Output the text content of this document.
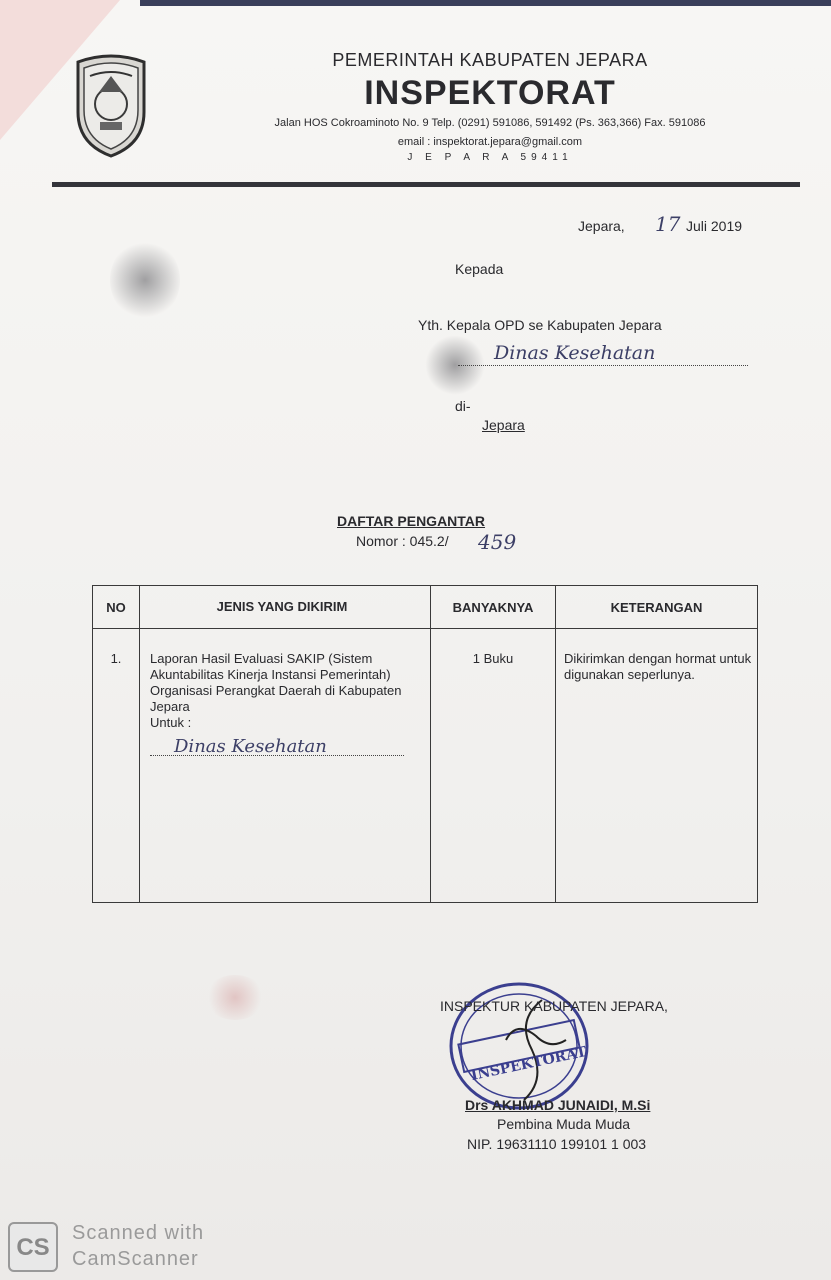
PEMERINTAH KABUPATEN JEPARA
INSPEKTORAT
Jalan HOS Cokroaminoto No. 9 Telp. (0291) 591086, 591492 (Ps. 363,366) Fax. 591086
email : inspektorat.jepara@gmail.com
J E P A R A 59411
Jepara, 17 Juli 2019
Kepada
Yth. Kepala OPD se Kabupaten Jepara
Dinas Kesehatan
di-
Jepara
DAFTAR PENGANTAR
Nomor : 045.2/ 459
NO	JENIS YANG DIKIRIM	BANYAKNYA	KETERANGAN
1.	Laporan Hasil Evaluasi SAKIP (Sistem Akuntabilitas Kinerja Instansi Pemerintah) Organisasi Perangkat Daerah di Kabupaten Jepara
Untuk :
Dinas Kesehatan	1 Buku	Dikirimkan dengan hormat untuk digunakan seperlunya.
INSPEKTORAT
INSPEKTUR KABUPATEN JEPARA,
Drs AKHMAD JUNAIDI, M.Si
Pembina Muda Muda
NIP. 19631110 199101 1 003
CS
Scanned with
CamScanner
